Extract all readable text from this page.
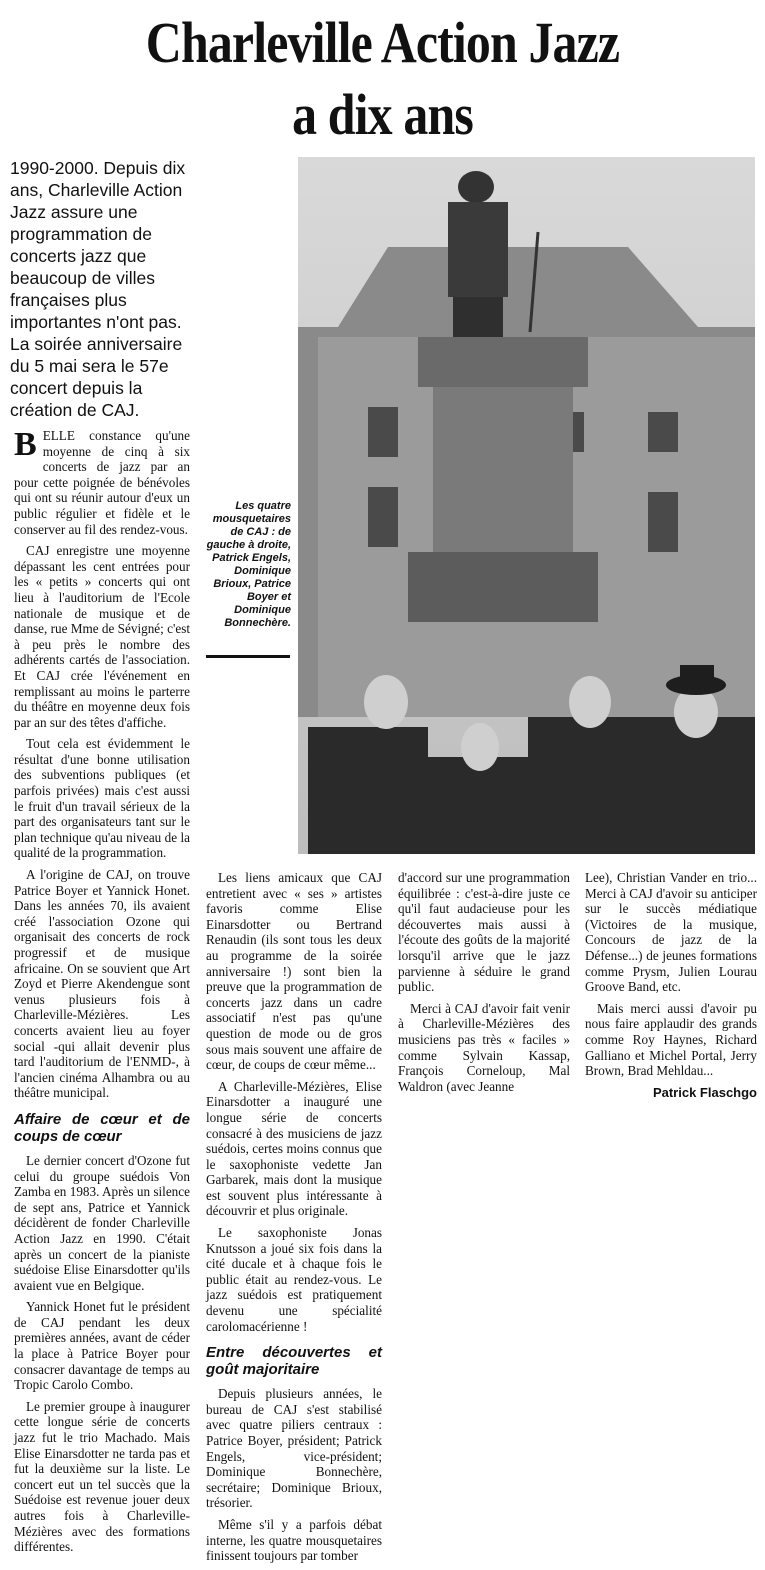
Charleville Action Jazz
a dix ans
1990-2000. Depuis dix ans, Charleville Action Jazz assure une programmation de concerts jazz que beaucoup de villes françaises plus importantes n'ont pas. La soirée anniversaire du 5 mai sera le 57e concert depuis la création de CAJ.
Les quatre mousquetaires de CAJ : de gauche à droite, Patrick Engels, Dominique Brioux, Patrice Boyer et Dominique Bonnechère.

BELLE constance qu'une moyenne de cinq à six concerts de jazz par an pour cette poignée de bénévoles qui ont su réunir autour d'eux un public régulier et fidèle et le conserver au fil des rendez-vous.

CAJ enregistre une moyenne dépassant les cent entrées pour les « petits » concerts qui ont lieu à l'auditorium de l'Ecole nationale de musique et de danse, rue Mme de Sévigné; c'est à peu près le nombre des adhérents cartés de l'association. Et CAJ crée l'événement en remplissant au moins le parterre du théâtre en moyenne deux fois par an sur des têtes d'affiche.

Tout cela est évidemment le résultat d'une bonne utilisation des subventions publiques (et parfois privées) mais c'est aussi le fruit d'un travail sérieux de la part des organisateurs tant sur le plan technique qu'au niveau de la qualité de la programmation.

A l'origine de CAJ, on trouve Patrice Boyer et Yannick Honet. Dans les années 70, ils avaient créé l'association Ozone qui organisait des concerts de rock progressif et de musique africaine. On se souvient que Art Zoyd et Pierre Akendengue sont venus plusieurs fois à Charleville-Mézières. Les concerts avaient lieu au foyer social -qui allait devenir plus tard l'auditorium de l'ENMD-, à l'ancien cinéma Alhambra ou au théâtre municipal.

Affaire de cœur et de coups de cœur

Le dernier concert d'Ozone fut celui du groupe suédois Von Zamba en 1983. Après un silence de sept ans, Patrice et Yannick décidèrent de fonder Charleville Action Jazz en 1990. C'était après un concert de la pianiste suédoise Elise Einarsdotter qu'ils avaient vue en Belgique.

Yannick Honet fut le président de CAJ pendant les deux premières années, avant de céder la place à Patrice Boyer pour consacrer davantage de temps au Tropic Carolo Combo.

Le premier groupe à inaugurer cette longue série de concerts jazz fut le trio Machado. Mais Elise Einarsdotter ne tarda pas et fut la deuxième sur la liste. Le concert eut un tel succès que la Suédoise est revenue jouer deux autres fois à Charleville-Mézières avec des formations différentes.

Les liens amicaux que CAJ entretient avec « ses » artistes favoris comme Elise Einarsdotter ou Bertrand Renaudin (ils sont tous les deux au programme de la soirée anniversaire !) sont bien la preuve que la programmation de concerts jazz dans un cadre associatif n'est pas qu'une question de mode ou de gros sous mais souvent une affaire de cœur, de coups de cœur même...

A Charleville-Mézières, Elise Einarsdotter a inauguré une longue série de concerts consacré à des musiciens de jazz suédois, certes moins connus que le saxophoniste vedette Jan Garbarek, mais dont la musique est souvent plus intéressante à découvrir et plus originale.

Le saxophoniste Jonas Knutsson a joué six fois dans la cité ducale et à chaque fois le public était au rendez-vous. Le jazz suédois est pratiquement devenu une spécialité carolomacérienne !

Entre découvertes et goût majoritaire

Depuis plusieurs années, le bureau de CAJ s'est stabilisé avec quatre piliers centraux : Patrice Boyer, président; Patrick Engels, vice-président; Dominique Bonnechère, secrétaire; Dominique Brioux, trésorier.

Même s'il y a parfois débat interne, les quatre mousquetaires finissent toujours par tomber

d'accord sur une programmation équilibrée : c'est-à-dire juste ce qu'il faut audacieuse pour les découvertes mais aussi à l'écoute des goûts de la majorité lorsqu'il arrive que le jazz parvienne à séduire le grand public.

Merci à CAJ d'avoir fait venir à Charleville-Mézières des musiciens pas très « faciles » comme Sylvain Kassap, François Corneloup, Mal Waldron (avec Jeanne

Lee), Christian Vander en trio... Merci à CAJ d'avoir su anticiper sur le succès médiatique (Victoires de la musique, Concours de jazz de la Défense...) de jeunes formations comme Prysm, Julien Lourau Groove Band, etc.

Mais merci aussi d'avoir pu nous faire applaudir des grands comme Roy Haynes, Richard Galliano et Michel Portal, Jerry Brown, Brad Mehldau...

Patrick Flaschgo
